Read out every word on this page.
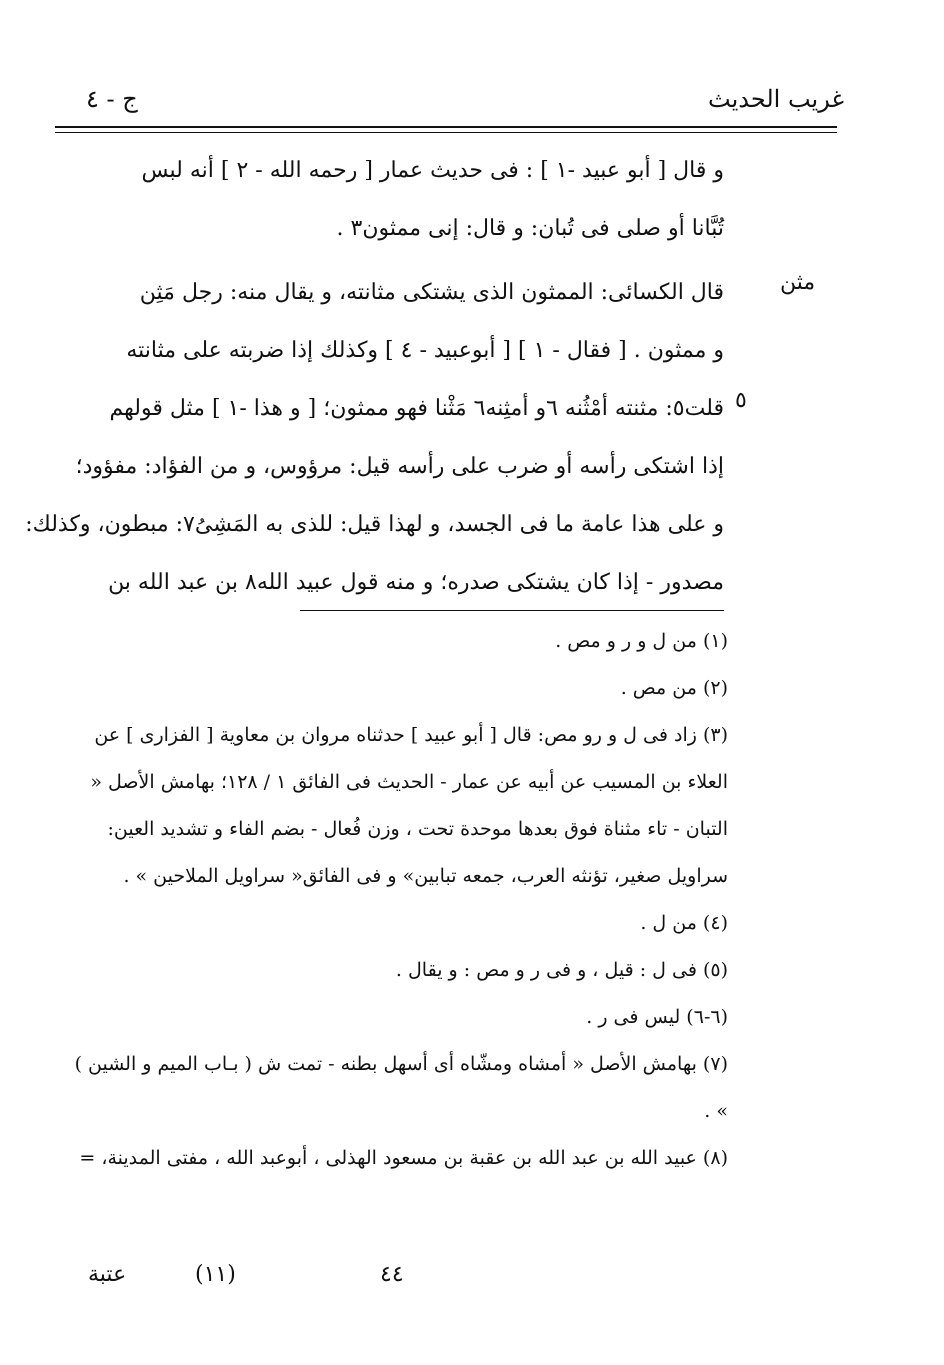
غريب الحديث
ج - ٤
مثن
٥
و قال [ أبو عبيد -١ ] : فى حديث عمار [ رحمه الله - ٢ ] أنه لبس
تُبَّانا أو صلى فى تُبان: و قال: إنى ممثون٣ .
قال الكسائى: الممثون الذى يشتكى مثانته، و يقال منه: رجل مَثِن
و ممثون . [ فقال - ١ ] [ أبوعبيد - ٤ ] وكذلك إذا ضربته على مثانته
قلت٥: مثنته أمْثُنه ٦و أمثِنه٦ مَثْنا فهو ممثون؛ [ و هذا -١ ] مثل قولهم
إذا اشتكى رأسه أو ضرب على رأسه قيل: مرؤوس، و من الفؤاد: مفؤود؛
و على هذا عامة ما فى الجسد، و لهذا قيل: للذى به المَشِىُ٧: مبطون، وكذلك:
مصدور - إذا كان يشتكى صدره؛ و منه قول عبيد الله٨ بن عبد الله بن
(١) من ل و ر و مص .
(٢) من مص .
(٣) زاد فى ل و رو مص: قال [ أبو عبيد ] حدثناه مروان بن معاوية [ الفزارى ] عن العلاء بن المسيب عن أبيه عن عمار - الحديث فى الفائق ١ / ١٢٨؛ بهامش الأصل « التبان - تاء مثناة فوق بعدها موحدة تحت ، وزن فُعال - بضم الفاء و تشديد العين: سراويل صغير، تؤنثه العرب، جمعه تبابين» و فى الفائق« سراويل الملاحين » .
(٤) من ل .
(٥) فى ل : قيل ، و فى ر و مص : و يقال .
(٦-٦) ليس فى ر .
(٧) بهامش الأصل « أمشاه ومشّاه أى أسهل بطنه - تمت ش ( بـاب الميم و الشين ) » .
(٨) عبيد الله بن عبد الله بن عقبة بن مسعود الهذلى ، أبوعبد الله ، مفتى المدينة، =
٤٤
(١١)
عتبة
